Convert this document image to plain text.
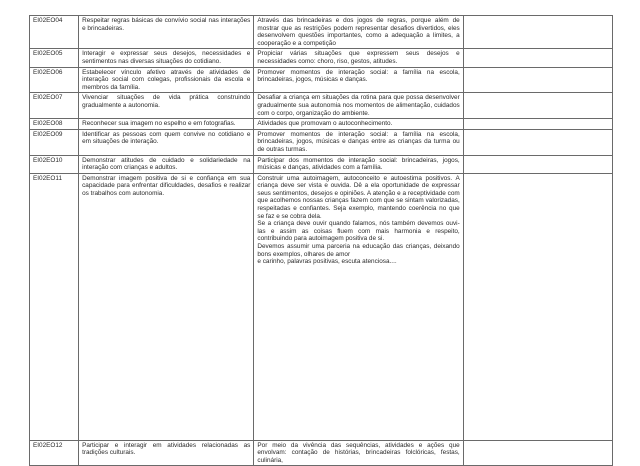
EI02EO04	Respeitar regras básicas de convívio social nas interações e brincadeiras.	Através das brincadeiras e dos jogos de regras, porque além de mostrar que as restrições podem representar desafios divertidos, eles desenvolvem questões importantes, como a adequação a limites, a cooperação e a competição	
EI02EO05	Interagir e expressar seus desejos, necessidades e sentimentos nas diversas situações do cotidiano.	Propiciar várias situações que expressem seus desejos e necessidades como: choro, riso, gestos, atitudes.	
EI02EO06	Estabelecer vínculo afetivo através de atividades de interação social com colegas, profissionais da escola e membros da família.	Promover momentos de interação social: a família na escola, brincadeiras, jogos, músicas e danças.	
EI02EO07	Vivenciar situações de vida prática construindo gradualmente a autonomia.	Desafiar a criança em situações da rotina para que possa desenvolver gradualmente sua autonomia nos momentos de alimentação, cuidados com o corpo, organização do ambiente.	
EI02EO08	Reconhecer sua imagem no espelho e em fotografias.	Atividades que promovam o autoconhecimento.	
EI02EO09	Identificar as pessoas com quem convive no cotidiano e em situações de interação.	Promover momentos de interação social: a família na escola, brincadeiras, jogos, músicas e danças entre as crianças da turma ou de outras turmas.	
EI02EO10	Demonstrar atitudes de cuidado e solidariedade na interação com crianças e adultos.	Participar dos momentos de interação social: brincadeiras, jogos, músicas e danças, atividades com a família.	
EI02EO11	Demonstrar imagem positiva de si e confiança em sua capacidade para enfrentar dificuldades, desafios e realizar os trabalhos com autonomia.	Construir uma autoimagem, autoconceito e autoestima positivos. A criança deve ser vista e ouvida. Dê a ela oportunidade de expressar seus sentimentos, desejos e opiniões. A atenção e a receptividade com que acolhemos nossas crianças fazem com que se sintam valorizadas, respeitadas e confiantes. Seja exemplo, mantendo coerência no que se faz e se cobra dela.
Se a criança deve ouvir quando falamos, nós também devemos ouvi-las e assim as coisas fluem com mais harmonia e respeito, contribuindo para autoimagem positiva de si.
Devemos assumir uma parceria na educação das crianças, deixando bons exemplos, olhares de amor
e carinho, palavras positivas, escuta atenciosa....	

EI02EO12	Participar e interagir em atividades relacionadas as tradições culturais.	Por meio da vivência das sequências, atividades e ações que envolvam: contação de histórias, brincadeiras folclóricas, festas, culinária,	
